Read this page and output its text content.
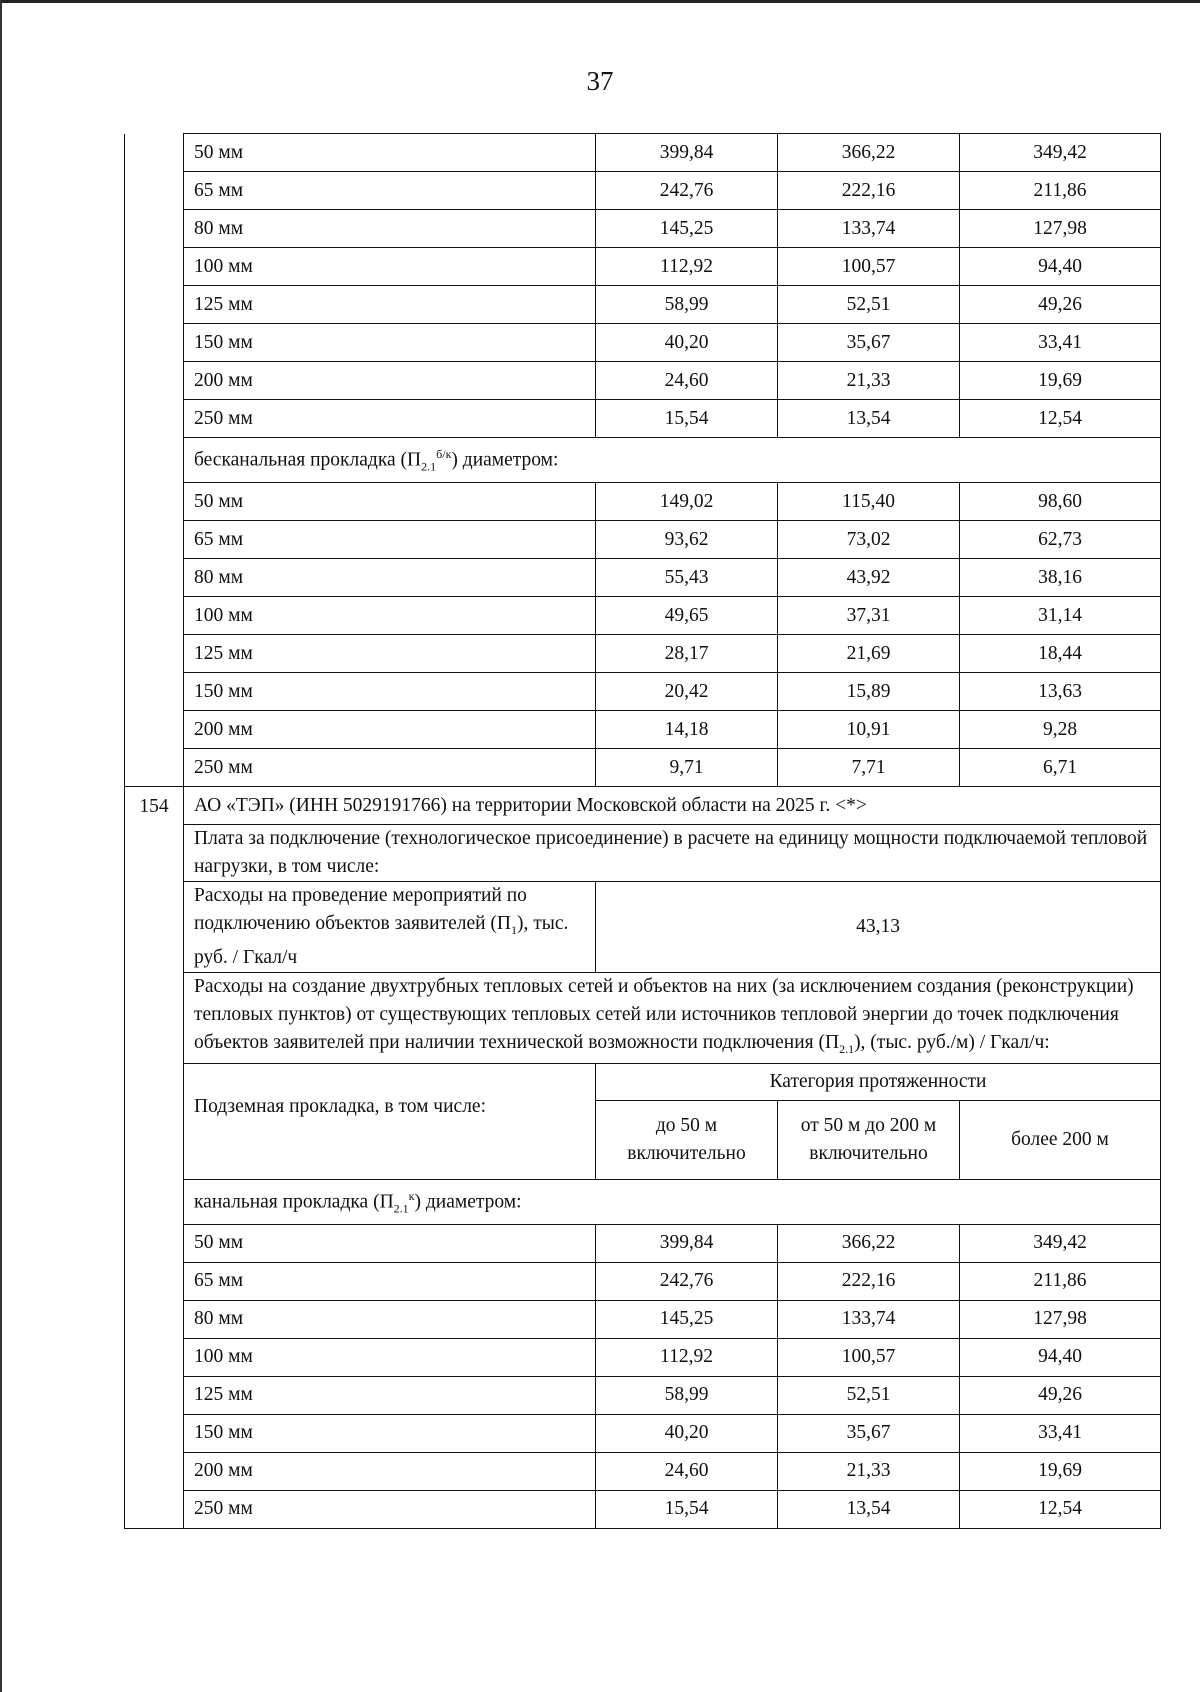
37
	50 мм	399,84	366,22	349,42
	65 мм	242,76	222,16	211,86
	80 мм	145,25	133,74	127,98
	100 мм	112,92	100,57	94,40
	125 мм	58,99	52,51	49,26
	150 мм	40,20	35,67	33,41
	200 мм	24,60	21,33	19,69
	250 мм	15,54	13,54	12,54
	бесканальная прокладка $(П_{2.1}^{б/к})$ диаметром:			
	50 мм	149,02	115,40	98,60
	65 мм	93,62	73,02	62,73
	80 мм	55,43	43,92	38,16
	100 мм	49,65	37,31	31,14
	125 мм	28,17	21,69	18,44
	150 мм	20,42	15,89	13,63
	200 мм	14,18	10,91	9,28
	250 мм	9,71	7,71	6,71
154	АО «ТЭП» (ИНН 5029191766) на территории Московской области на 2025 г. <*>			
	Плата за подключение (технологическое присоединение) в расчете на единицу мощности подключаемой тепловой нагрузки, в том числе:			
	Расходы на проведение мероприятий по подключению объектов заявителей $(П_1)$, тыс. руб. / Гкал/ч	43,13		
	Расходы на создание двухтрубных тепловых сетей и объектов на них (за исключением создания (реконструкции) тепловых пунктов) от существующих тепловых сетей или источников тепловой энергии до точек подключения объектов заявителей при наличии технической возможности подключения $(П_{2.1})$, (тыс. руб./м) / Гкал/ч:			
	Подземная прокладка, в том числе:	Категория протяженности		
		до 50 м включительно	от 50 м до 200 м включительно	более 200 м
	канальная прокладка $(П_{2.1}^к)$ диаметром:			
	50 мм	399,84	366,22	349,42
	65 мм	242,76	222,16	211,86
	80 мм	145,25	133,74	127,98
	100 мм	112,92	100,57	94,40
	125 мм	58,99	52,51	49,26
	150 мм	40,20	35,67	33,41
	200 мм	24,60	21,33	19,69
	250 мм	15,54	13,54	12,54
